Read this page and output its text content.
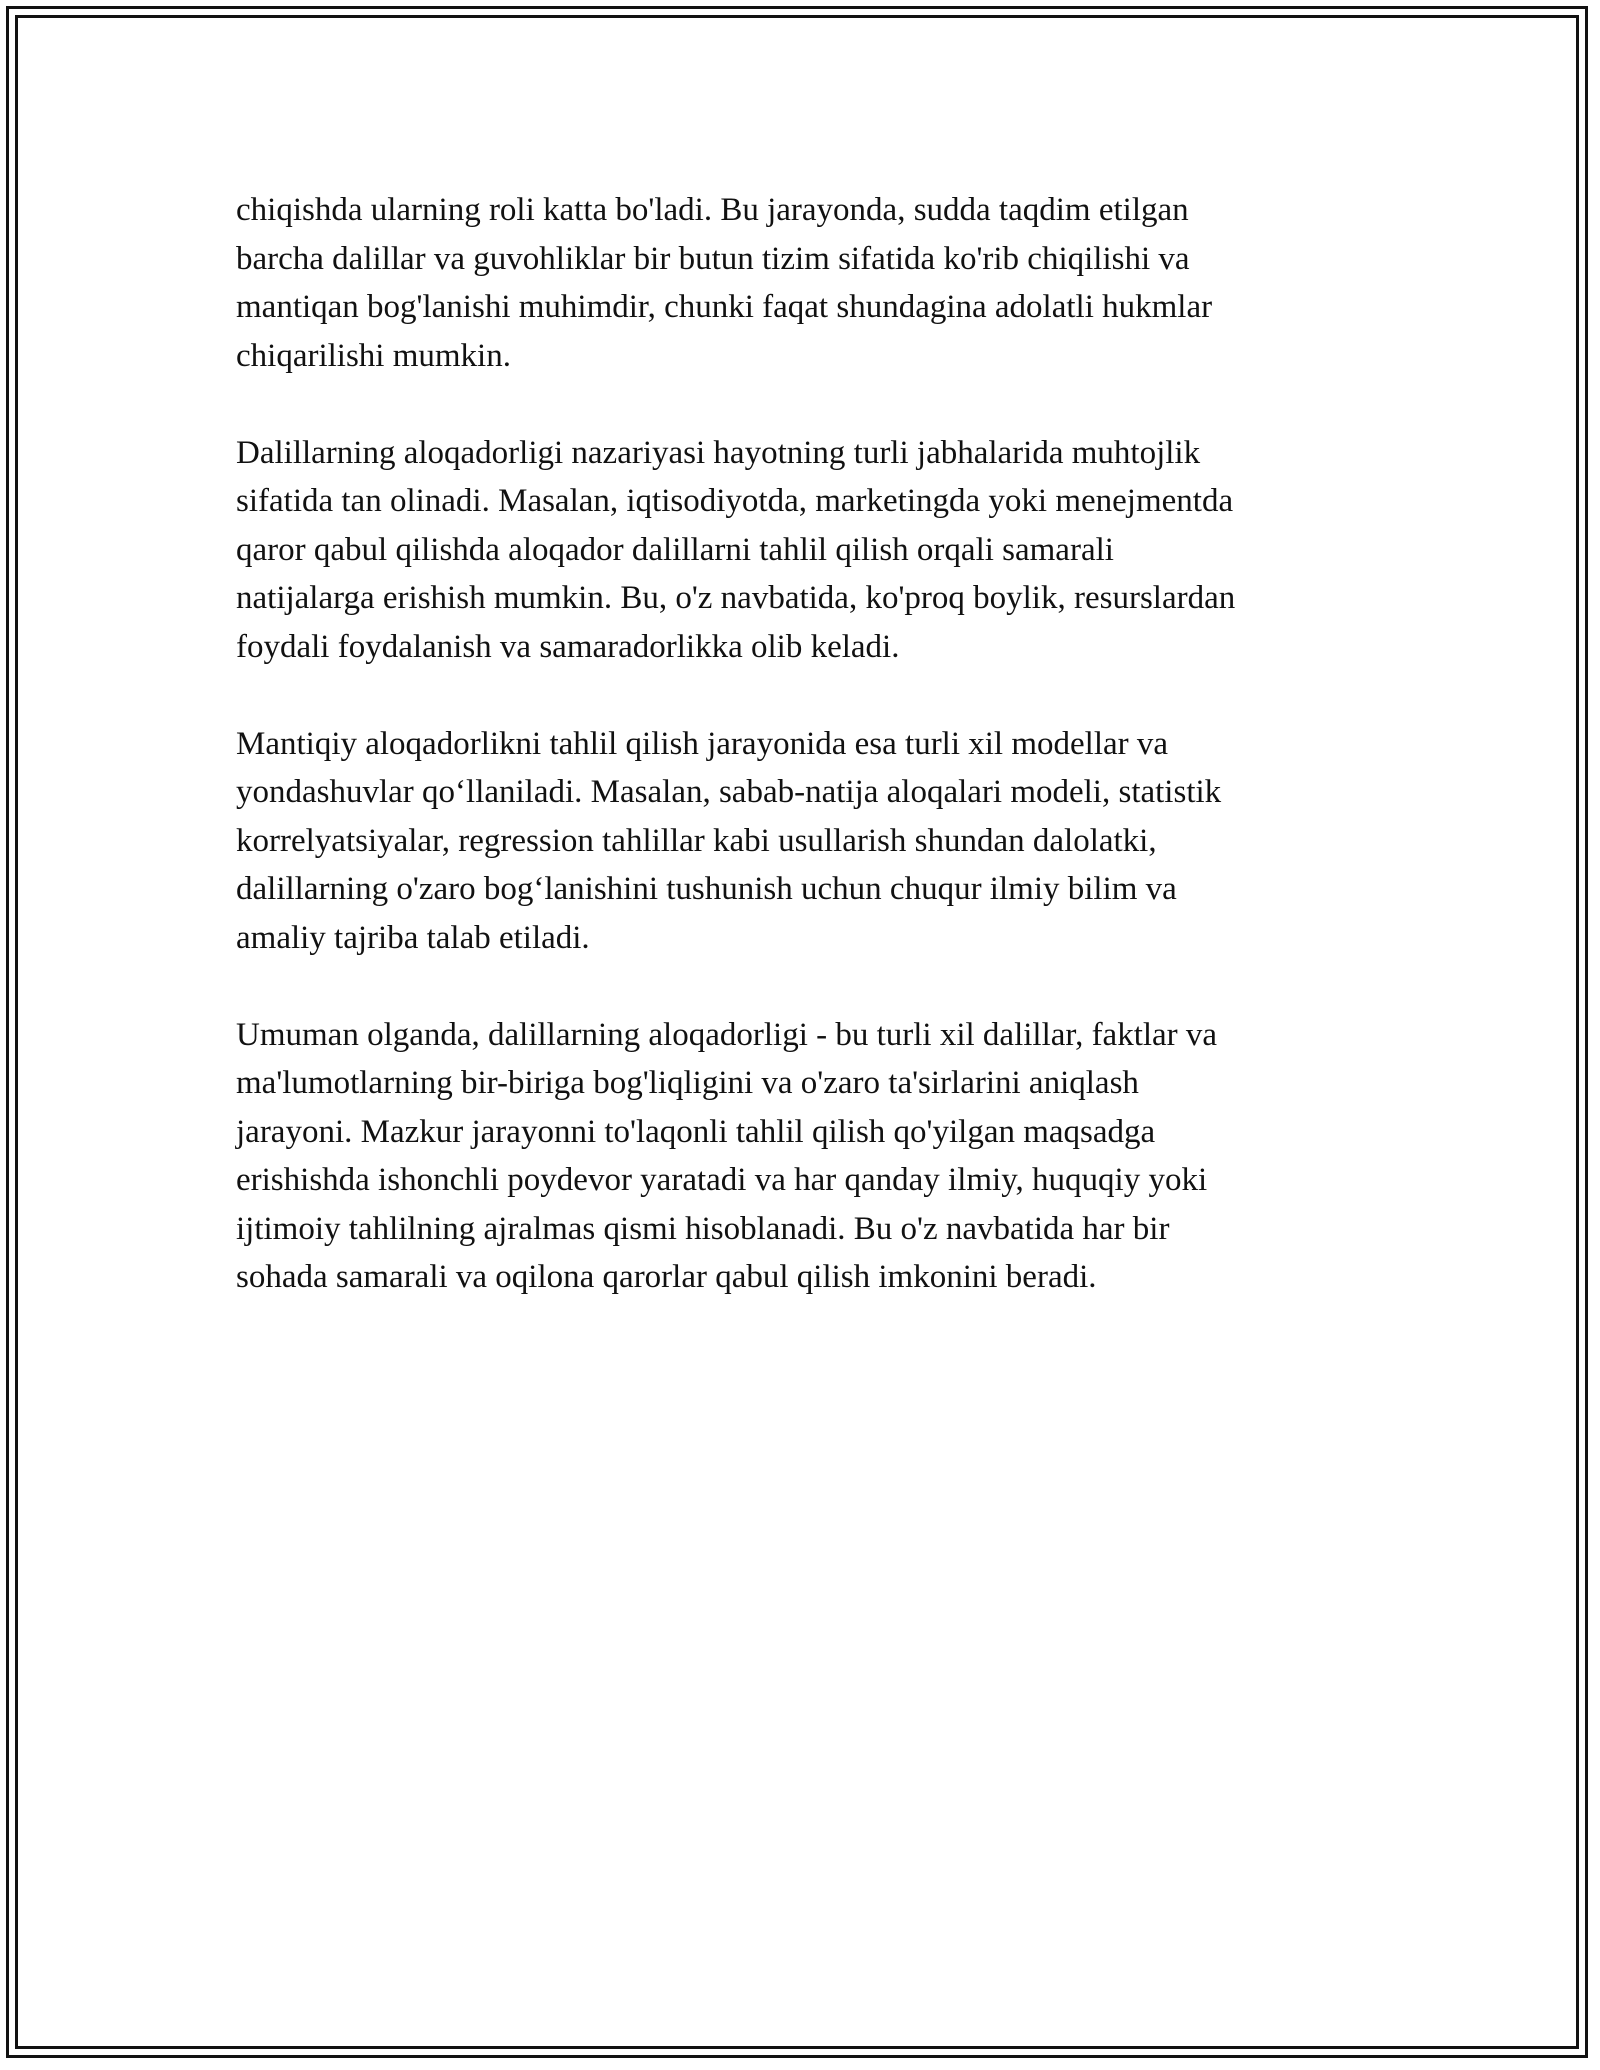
chiqishda ularning roli katta bo'ladi. Bu jarayonda, sudda taqdim etilgan
barcha dalillar va guvohliklar bir butun tizim sifatida ko'rib chiqilishi va
mantiqan bog'lanishi muhimdir, chunki faqat shundagina adolatli hukmlar
chiqarilishi mumkin.

Dalillarning aloqadorligi nazariyasi hayotning turli jabhalarida muhtojlik
sifatida tan olinadi. Masalan, iqtisodiyotda, marketingda yoki menejmentda
qaror qabul qilishda aloqador dalillarni tahlil qilish orqali samarali
natijalarga erishish mumkin. Bu, o'z navbatida, ko'proq boylik, resurslardan
foydali foydalanish va samaradorlikka olib keladi.

Mantiqiy aloqadorlikni tahlil qilish jarayonida esa turli xil modellar va
yondashuvlar qo‘llaniladi. Masalan, sabab-natija aloqalari modeli, statistik
korrelyatsiyalar, regression tahlillar kabi usullarish shundan dalolatki,
dalillarning o'zaro bog‘lanishini tushunish uchun chuqur ilmiy bilim va
amaliy tajriba talab etiladi.

Umuman olganda, dalillarning aloqadorligi - bu turli xil dalillar, faktlar va
ma'lumotlarning bir-biriga bog'liqligini va o'zaro ta'sirlarini aniqlash
jarayoni. Mazkur jarayonni to'laqonli tahlil qilish qo'yilgan maqsadga
erishishda ishonchli poydevor yaratadi va har qanday ilmiy, huquqiy yoki
ijtimoiy tahlilning ajralmas qismi hisoblanadi. Bu o'z navbatida har bir
sohada samarali va oqilona qarorlar qabul qilish imkonini beradi.
